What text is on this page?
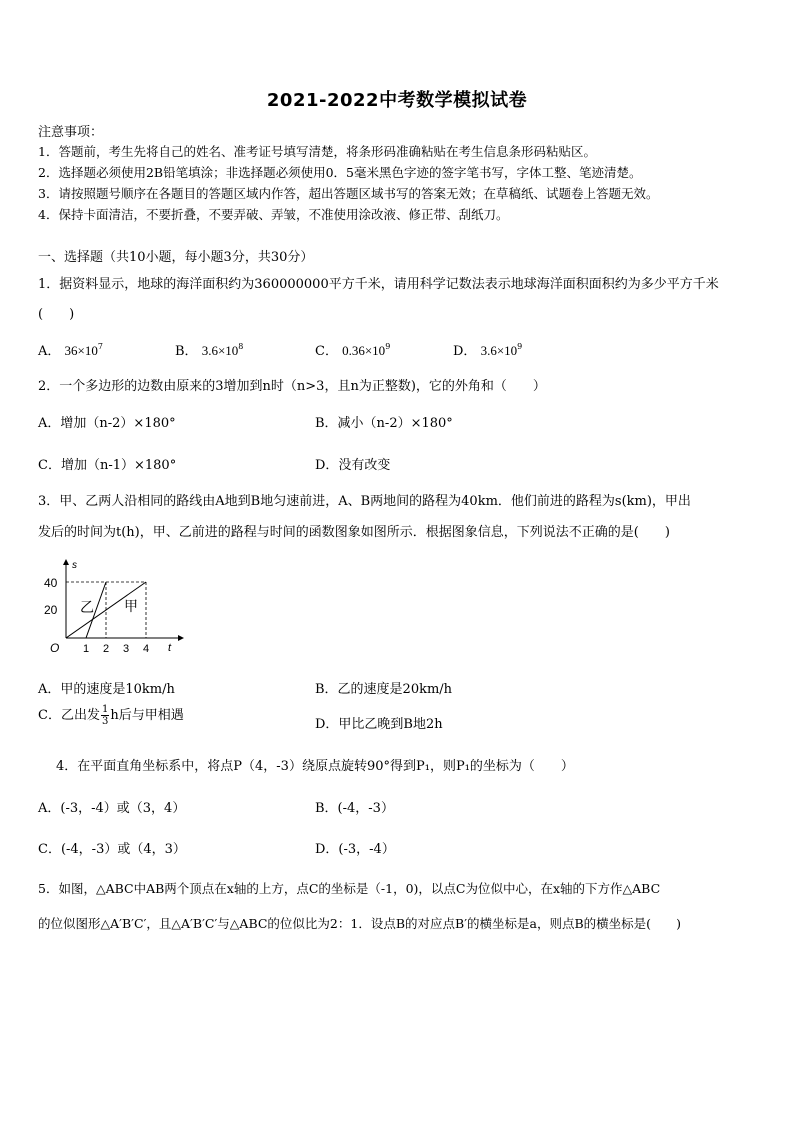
2021-2022中考数学模拟试卷
注意事项：
1．答题前，考生先将自己的姓名、准考证号填写清楚，将条形码准确粘贴在考生信息条形码粘贴区。
2．选择题必须使用2B铅笔填涂；非选择题必须使用0．5毫米黑色字迹的签字笔书写，字体工整、笔迹清楚。
3．请按照题号顺序在各题目的答题区域内作答，超出答题区域书写的答案无效；在草稿纸、试题卷上答题无效。
4．保持卡面清洁，不要折叠，不要弄破、弄皱，不准使用涂改液、修正带、刮纸刀。
一、选择题（共10小题，每小题3分，共30分）
1．据资料显示，地球的海洋面积约为360000000平方千米，请用科学记数法表示地球海洋面积面积约为多少平方千米
(　　)
A． $36\times 10^7$	B． $3.6\times 10^8$	C． $0.36\times 10^9$	D． $3.6\times 10^9$
2．一个多边形的边数由原来的3增加到n时（n>3，且n为正整数)，它的外角和（　　）
A．增加（n-2）×180°	B．减小（n-2）×180°
C．增加（n-1）×180°	D．没有改变
3．甲、乙两人沿相同的路线由A地到B地匀速前进，A、B两地间的路程为40km．他们前进的路程为s(km)，甲出
发后的时间为t(h)，甲、乙前进的路程与时间的函数图象如图所示．根据图象信息，下列说法不正确的是(　　)
s
t
O
40
20
1 2 3 4
乙 甲
A．甲的速度是10km/h	B．乙的速度是20km/h
C．乙出发 $\frac{1}{3}$ h后与甲相遇
D．甲比乙晚到B地2h
4．在平面直角坐标系中，将点P（4，-3）绕原点旋转90°得到P₁，则P₁的坐标为（　　）
A．(-3，-4）或（3，4）	B．(-4，-3）
C．(-4，-3）或（4，3）	D．(-3，-4）
5．如图，△ABC中AB两个顶点在x轴的上方，点C的坐标是（-1，0)，以点C为位似中心，在x轴的下方作△ABC
的位似图形△A′B′C′，且△A′B′C′与△ABC的位似比为2：1．设点B的对应点B′的横坐标是a，则点B的横坐标是(　　)
